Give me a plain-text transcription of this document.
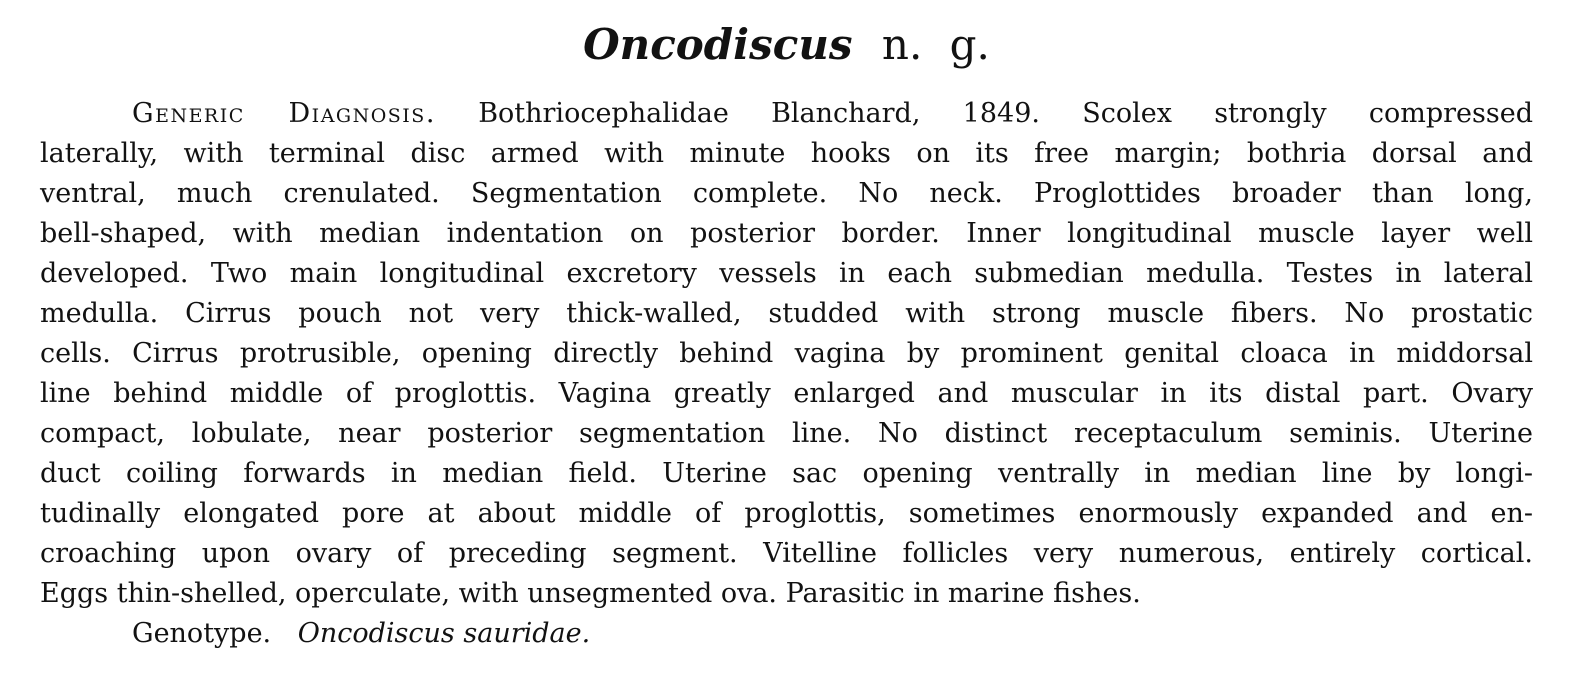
Oncodiscus n. g.
Generic Diagnosis. Bothriocephalidae Blanchard, 1849. Scolex strongly compressed
laterally, with terminal disc armed with minute hooks on its free margin; bothria dorsal and
ventral, much crenulated. Segmentation complete. No neck. Proglottides broader than long,
bell-shaped, with median indentation on posterior border. Inner longitudinal muscle layer well
developed. Two main longitudinal excretory vessels in each submedian medulla. Testes in lateral
medulla. Cirrus pouch not very thick-walled, studded with strong muscle fibers. No prostatic
cells. Cirrus protrusible, opening directly behind vagina by prominent genital cloaca in middorsal
line behind middle of proglottis. Vagina greatly enlarged and muscular in its distal part. Ovary
compact, lobulate, near posterior segmentation line. No distinct receptaculum seminis. Uterine
duct coiling forwards in median field. Uterine sac opening ventrally in median line by longi-
tudinally elongated pore at about middle of proglottis, sometimes enormously expanded and en-
croaching upon ovary of preceding segment. Vitelline follicles very numerous, entirely cortical.
Eggs thin-shelled, operculate, with unsegmented ova. Parasitic in marine fishes.
Genotype. Oncodiscus sauridae.
